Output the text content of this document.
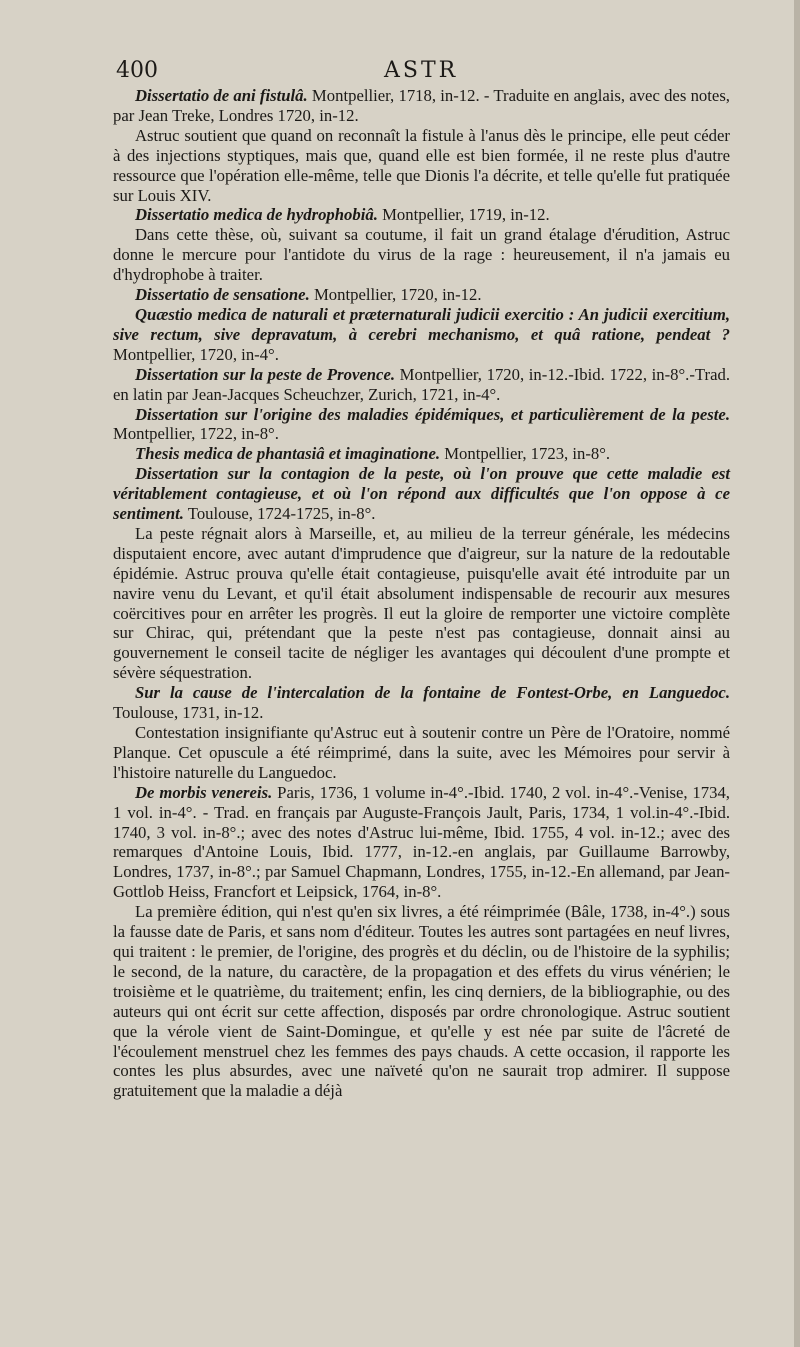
400	ASTR

Dissertatio de ani fistulâ. Montpellier, 1718, in-12. - Traduite en anglais, avec des notes, par Jean Treke, Londres 1720, in-12.

Astruc soutient que quand on reconnaît la fistule à l'anus dès le principe, elle peut céder à des injections styptiques, mais que, quand elle est bien formée, il ne reste plus d'autre ressource que l'opération elle-même, telle que Dionis l'a décrite, et telle qu'elle fut pratiquée sur Louis XIV.

Dissertatio medica de hydrophobiâ. Montpellier, 1719, in-12.

Dans cette thèse, où, suivant sa coutume, il fait un grand étalage d'érudition, Astruc donne le mercure pour l'antidote du virus de la rage : heureusement, il n'a jamais eu d'hydrophobe à traiter.

Dissertatio de sensatione. Montpellier, 1720, in-12.

Quæstio medica de naturali et præternaturali judicii exercitio : An judicii exercitium, sive rectum, sive depravatum, à cerebri mechanismo, et quâ ratione, pendeat ? Montpellier, 1720, in-4°.

Dissertation sur la peste de Provence. Montpellier, 1720, in-12.-Ibid. 1722, in-8°.-Trad. en latin par Jean-Jacques Scheuchzer, Zurich, 1721, in-4°.

Dissertation sur l'origine des maladies épidémiques, et particulièrement de la peste. Montpellier, 1722, in-8°.

Thesis medica de phantasiâ et imaginatione. Montpellier, 1723, in-8°.

Dissertation sur la contagion de la peste, où l'on prouve que cette maladie est véritablement contagieuse, et où l'on répond aux difficultés que l'on oppose à ce sentiment. Toulouse, 1724-1725, in-8°.

La peste régnait alors à Marseille, et, au milieu de la terreur générale, les médecins disputaient encore, avec autant d'imprudence que d'aigreur, sur la nature de la redoutable épidémie. Astruc prouva qu'elle était contagieuse, puisqu'elle avait été introduite par un navire venu du Levant, et qu'il était absolument indispensable de recourir aux mesures coërcitives pour en arrêter les progrès. Il eut la gloire de remporter une victoire complète sur Chirac, qui, prétendant que la peste n'est pas contagieuse, donnait ainsi au gouvernement le conseil tacite de négliger les avantages qui découlent d'une prompte et sévère séquestration.

Sur la cause de l'intercalation de la fontaine de Fontest-Orbe, en Languedoc. Toulouse, 1731, in-12.

Contestation insignifiante qu'Astruc eut à soutenir contre un Père de l'Oratoire, nommé Planque. Cet opuscule a été réimprimé, dans la suite, avec les Mémoires pour servir à l'histoire naturelle du Languedoc.

De morbis venereis. Paris, 1736, 1 volume in-4°.-Ibid. 1740, 2 vol. in-4°.-Venise, 1734, 1 vol. in-4°. - Trad. en français par Auguste-François Jault, Paris, 1734, 1 vol.in-4°.-Ibid. 1740, 3 vol. in-8°.; avec des notes d'Astruc lui-même, Ibid. 1755, 4 vol. in-12.; avec des remarques d'Antoine Louis, Ibid. 1777, in-12.-en anglais, par Guillaume Barrowby, Londres, 1737, in-8°.; par Samuel Chapmann, Londres, 1755, in-12.-En allemand, par Jean-Gottlob Heiss, Francfort et Leipsick, 1764, in-8°.

La première édition, qui n'est qu'en six livres, a été réimprimée (Bâle, 1738, in-4°.) sous la fausse date de Paris, et sans nom d'éditeur. Toutes les autres sont partagées en neuf livres, qui traitent : le premier, de l'origine, des progrès et du déclin, ou de l'histoire de la syphilis; le second, de la nature, du caractère, de la propagation et des effets du virus vénérien; le troisième et le quatrième, du traitement; enfin, les cinq derniers, de la bibliographie, ou des auteurs qui ont écrit sur cette affection, disposés par ordre chronologique. Astruc soutient que la vérole vient de Saint-Domingue, et qu'elle y est née par suite de l'âcreté de l'écoulement menstruel chez les femmes des pays chauds. A cette occasion, il rapporte les contes les plus absurdes, avec une naïveté qu'on ne saurait trop admirer. Il suppose gratuitement que la maladie a déjà
